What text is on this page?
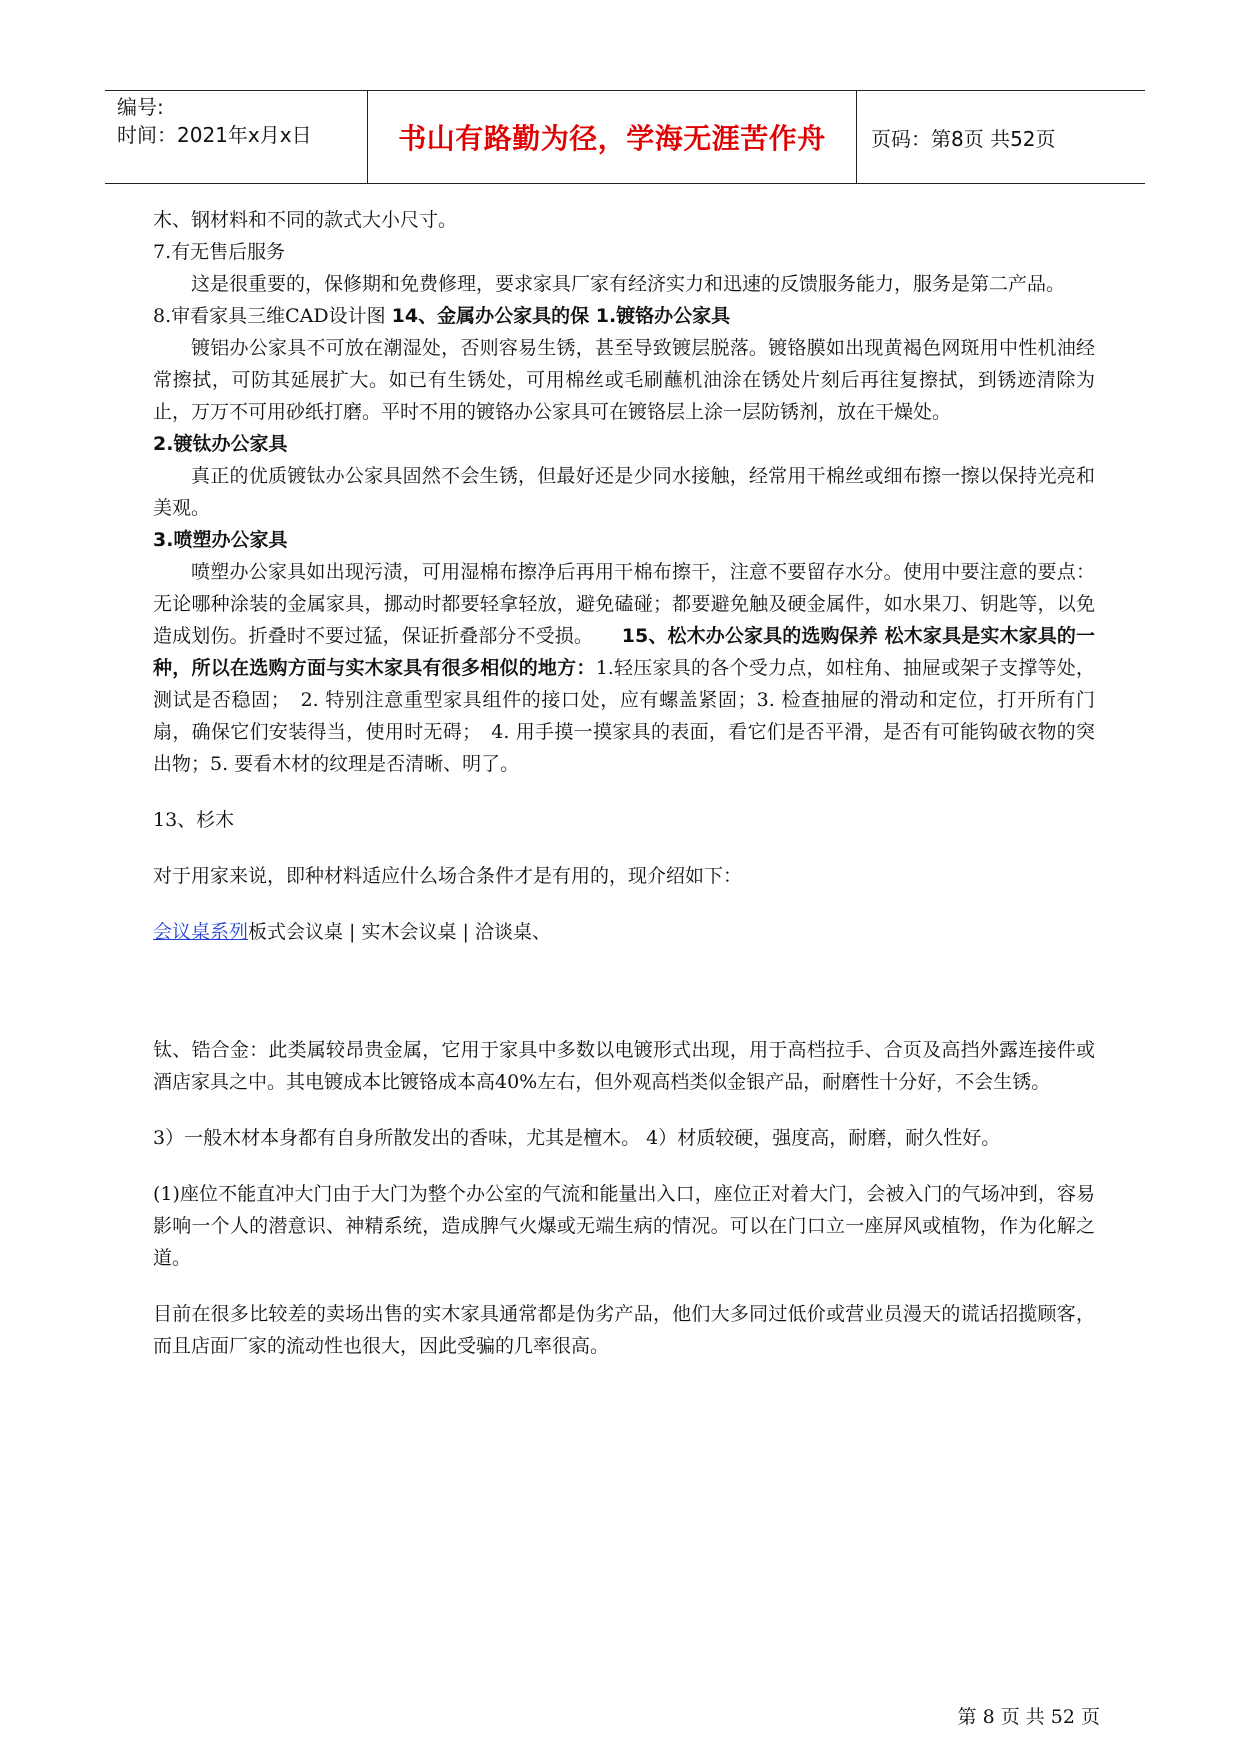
编号:
时间：2021年x月x日	书山有路勤为径，学海无涯苦作舟 页码：第8页 共52页

木、钢材料和不同的款式大小尺寸。

7.有无售后服务

这是很重要的，保修期和免费修理，要求家具厂家有经济实力和迅速的反馈服务能力，服务是第二产品。

8.审看家具三维CAD设计图 14、金属办公家具的保 1.镀铬办公家具

镀铝办公家具不可放在潮湿处，否则容易生锈，甚至导致镀层脱落。镀铬膜如出现黄褐色网斑用中性机油经常擦拭，可防其延展扩大。如已有生锈处，可用棉丝或毛刷蘸机油涂在锈处片刻后再往复擦拭，到锈迹清除为止，万万不可用砂纸打磨。平时不用的镀铬办公家具可在镀铬层上涂一层防锈剂，放在干燥处。

2.镀钛办公家具

真正的优质镀钛办公家具固然不会生锈，但最好还是少同水接触，经常用干棉丝或细布擦一擦以保持光亮和美观。

3.喷塑办公家具

喷塑办公家具如出现污渍，可用湿棉布擦净后再用干棉布擦干，注意不要留存水分。使用中要注意的要点：无论哪种涂装的金属家具，挪动时都要轻拿轻放，避免磕碰；都要避免触及硬金属件，如水果刀、钥匙等，以免造成划伤。折叠时不要过猛，保证折叠部分不受损。　　15、松木办公家具的选购保养 松木家具是实木家具的一种，所以在选购方面与实木家具有很多相似的地方：1.轻压家具的各个受力点，如柱角、抽屉或架子支撑等处，测试是否稳固；　2. 特别注意重型家具组件的接口处，应有螺盖紧固；3. 检查抽屉的滑动和定位，打开所有门扇，确保它们安装得当，使用时无碍；　4. 用手摸一摸家具的表面，看它们是否平滑，是否有可能钩破衣物的突出物；5. 要看木材的纹理是否清晰、明了。

13、杉木

对于用家来说，即种材料适应什么场合条件才是有用的，现介绍如下：

会议桌系列板式会议桌 | 实木会议桌 | 洽谈桌、

钛、锆合金：此类属较昂贵金属，它用于家具中多数以电镀形式出现，用于高档拉手、合页及高挡外露连接件或酒店家具之中。其电镀成本比镀铬成本高40%左右，但外观高档类似金银产品，耐磨性十分好，不会生锈。

3）一般木材本身都有自身所散发出的香味，尤其是檀木。 4）材质较硬，强度高，耐磨，耐久性好。

(1)座位不能直冲大门由于大门为整个办公室的气流和能量出入口，座位正对着大门，会被入门的气场冲到，容易影响一个人的潜意识、神精系统，造成脾气火爆或无端生病的情况。可以在门口立一座屏风或植物，作为化解之道。

目前在很多比较差的卖场出售的实木家具通常都是伪劣产品，他们大多同过低价或营业员漫天的谎话招揽顾客，而且店面厂家的流动性也很大，因此受骗的几率很高。

第 8 页 共 52 页
